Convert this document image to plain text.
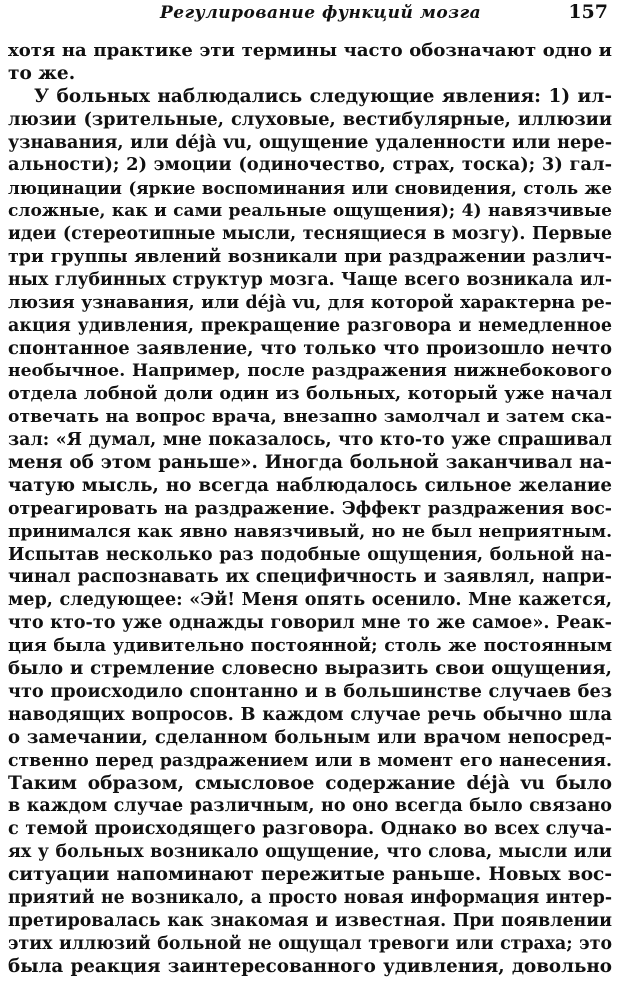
Регулирование функций мозга	157
хотя на практике эти термины часто обозначают одно и
то же.
У больных наблюдались следующие явления: 1) ил-
люзии (зрительные, слуховые, вестибулярные, иллюзии
узнавания, или déjà vu, ощущение удаленности или нере-
альности); 2) эмоции (одиночество, страх, тоска); 3) гал-
люцинации (яркие воспоминания или сновидения, столь же
сложные, как и сами реальные ощущения); 4) навязчивые
идеи (стереотипные мысли, теснящиеся в мозгу). Первые
три группы явлений возникали при раздражении различ-
ных глубинных структур мозга. Чаще всего возникала ил-
люзия узнавания, или déjà vu, для которой характерна ре-
акция удивления, прекращение разговора и немедленное
спонтанное заявление, что только что произошло нечто
необычное. Например, после раздражения нижнебокового
отдела лобной доли один из больных, который уже начал
отвечать на вопрос врача, внезапно замолчал и затем ска-
зал: «Я думал, мне показалось, что кто-то уже спрашивал
меня об этом раньше». Иногда больной заканчивал на-
чатую мысль, но всегда наблюдалось сильное желание
отреагировать на раздражение. Эффект раздражения вос-
принимался как явно навязчивый, но не был неприятным.
Испытав несколько раз подобные ощущения, больной на-
чинал распознавать их специфичность и заявлял, напри-
мер, следующее: «Эй! Меня опять осенило. Мне кажется,
что кто-то уже однажды говорил мне то же самое». Реак-
ция была удивительно постоянной; столь же постоянным
было и стремление словесно выразить свои ощущения,
что происходило спонтанно и в большинстве случаев без
наводящих вопросов. В каждом случае речь обычно шла
о замечании, сделанном больным или врачом непосред-
ственно перед раздражением или в момент его нанесения.
Таким образом, смысловое содержание déjà vu было
в каждом случае различным, но оно всегда было связано
с темой происходящего разговора. Однако во всех случа-
ях у больных возникало ощущение, что слова, мысли или
ситуации напоминают пережитые раньше. Новых вос-
приятий не возникало, а просто новая информация интер-
претировалась как знакомая и известная. При появлении
этих иллюзий больной не ощущал тревоги или страха; это
была реакция заинтересованного удивления, довольно
